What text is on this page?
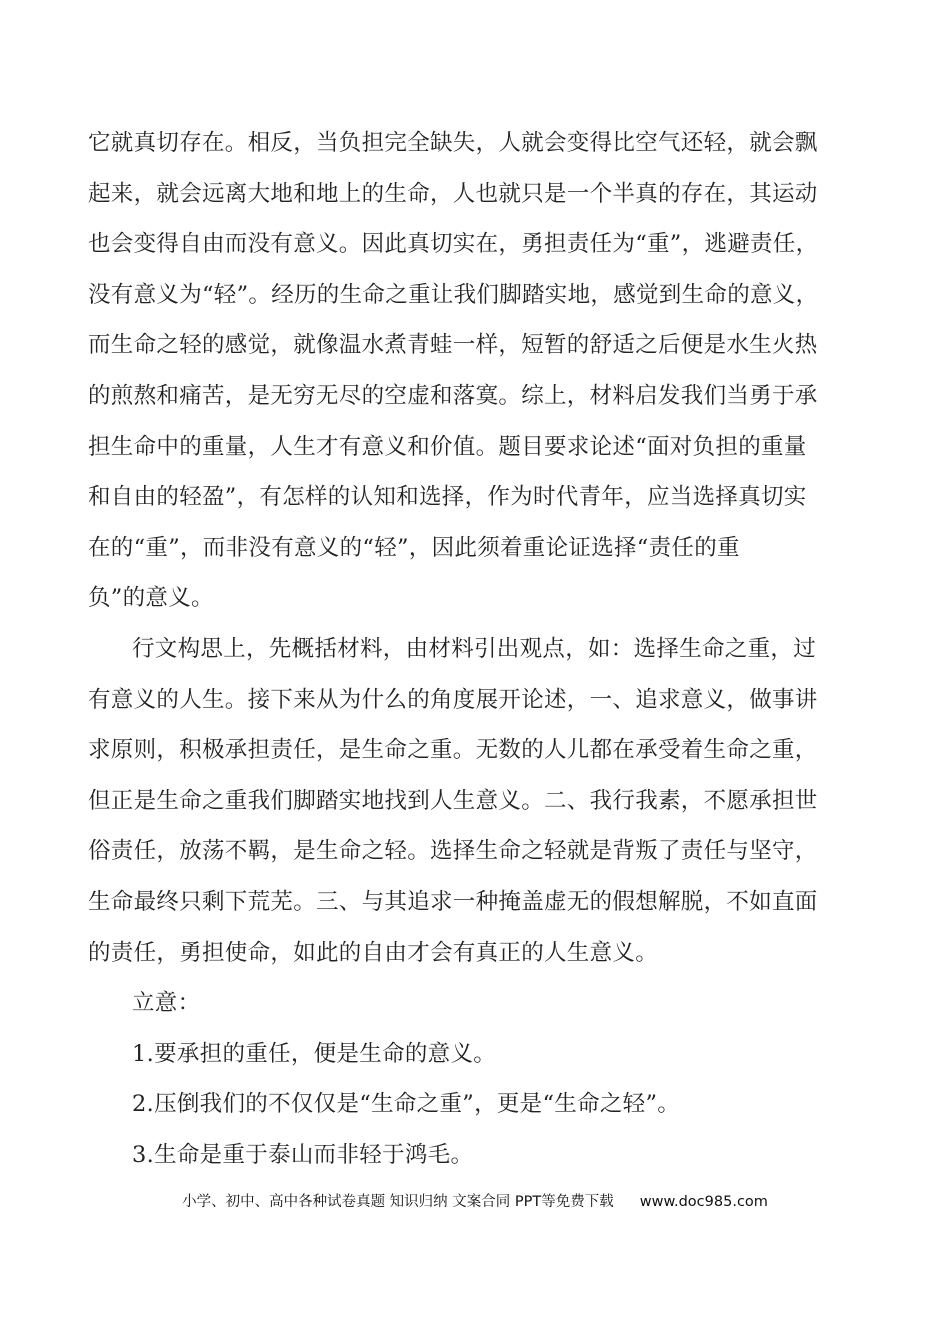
它就真切存在。相反，当负担完全缺失，人就会变得比空气还轻，就会飘
起来，就会远离大地和地上的生命，人也就只是一个半真的存在，其运动
也会变得自由而没有意义。因此真切实在，勇担责任为“重”，逃避责任，
没有意义为“轻”。经历的生命之重让我们脚踏实地，感觉到生命的意义，
而生命之轻的感觉，就像温水煮青蛙一样，短暂的舒适之后便是水生火热
的煎熬和痛苦，是无穷无尽的空虚和落寞。综上，材料启发我们当勇于承
担生命中的重量，人生才有意义和价值。题目要求论述“面对负担的重量
和自由的轻盈”，有怎样的认知和选择，作为时代青年，应当选择真切实
在的“重”，而非没有意义的“轻”，因此须着重论证选择“责任的重
负”的意义。
行文构思上，先概括材料，由材料引出观点，如：选择生命之重，过
有意义的人生。接下来从为什么的角度展开论述，一、追求意义，做事讲
求原则，积极承担责任，是生命之重。无数的人儿都在承受着生命之重，
但正是生命之重我们脚踏实地找到人生意义。二、我行我素，不愿承担世
俗责任，放荡不羁，是生命之轻。选择生命之轻就是背叛了责任与坚守，
生命最终只剩下荒芜。三、与其追求一种掩盖虚无的假想解脱，不如直面
的责任，勇担使命，如此的自由才会有真正的人生意义。
立意：
1.要承担的重任，便是生命的意义。
2.压倒我们的不仅仅是“生命之重”，更是“生命之轻”。
3.生命是重于泰山而非轻于鸿毛。
小学、初中、高中各种试卷真题 知识归纳 文案合同 PPT等免费下载 www.doc985.com
